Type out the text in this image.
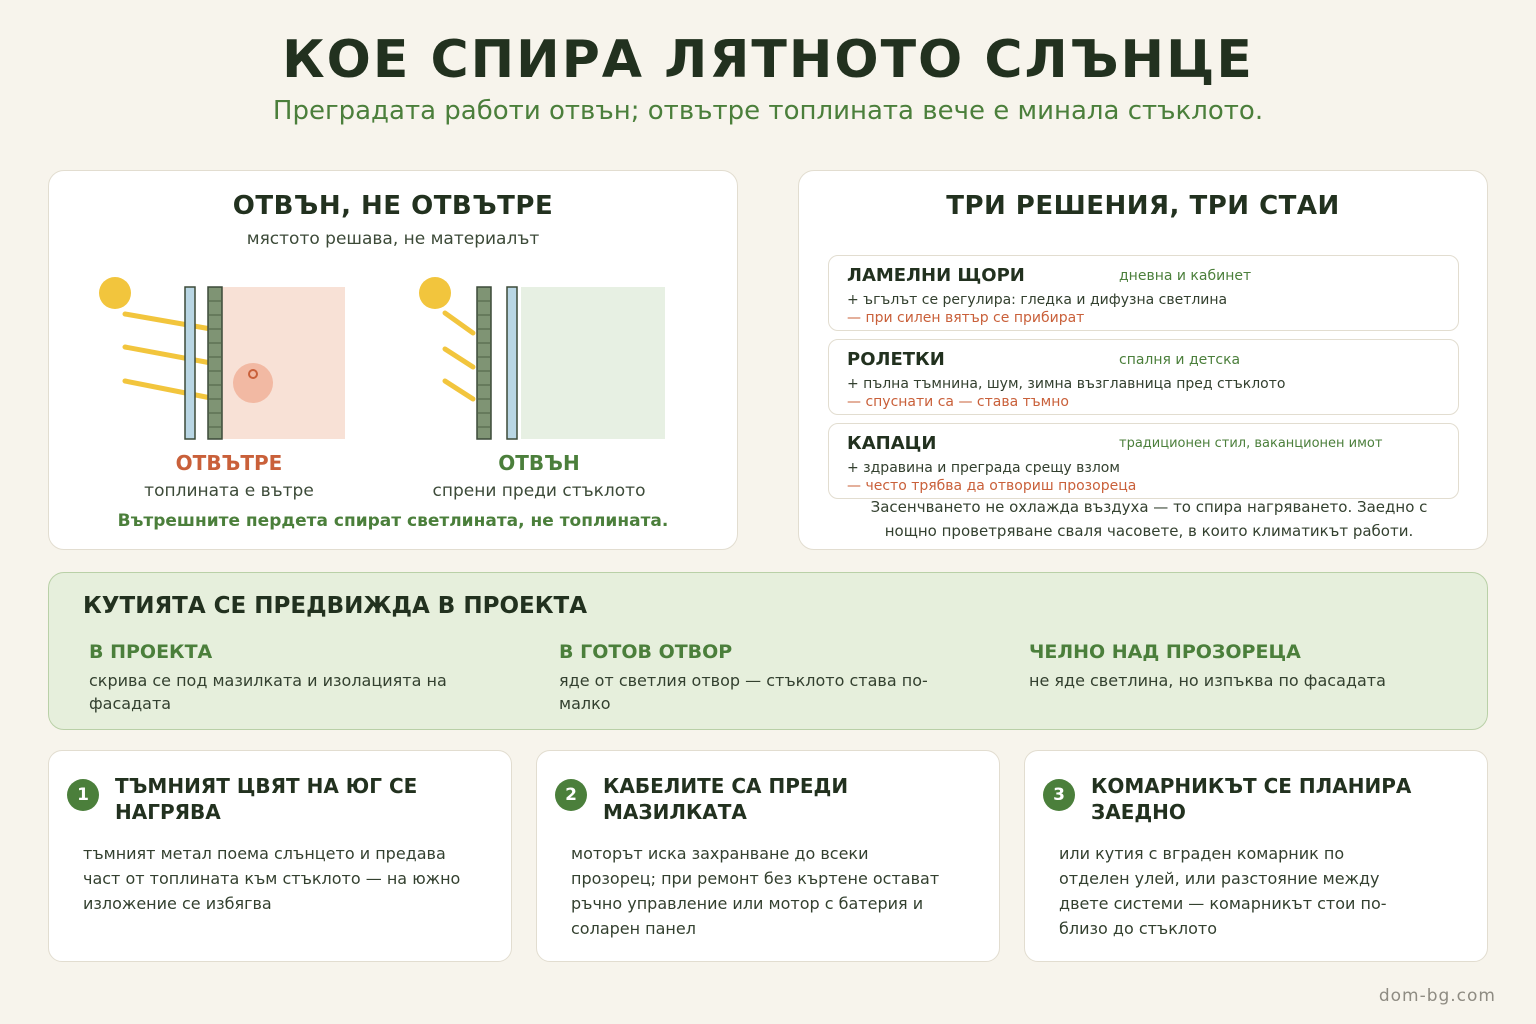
КОЕ СПИРА ЛЯТНОТО СЛЪНЦЕ
Преградата работи отвън; отвътре топлината вече е минала стъклото.
ОТВЪН, НЕ ОТВЪТРЕ
мястото решава, не материалът
ОТВЪТРЕ
топлината е вътре
ОТВЪН
спрени преди стъклото
Вътрешните пердета спират светлината, не топлината.
ТРИ РЕШЕНИЯ, ТРИ СТАИ
ЛАМЕЛНИ ЩОРИ	дневна и кабинет
+ ъгълът се регулира: гледка и дифузна светлина
— при силен вятър се прибират
РОЛЕТКИ	спалня и детска
+ пълна тъмнина, шум, зимна възглавница пред стъклото
— спуснати са — става тъмно
КАПАЦИ	традиционен стил, ваканционен имот
+ здравина и преграда срещу взлом
— често трябва да отвориш прозореца
Засенчването не охлажда въздуха — то спира нагряването. Заедно с нощно проветряване сваля часовете, в които климатикът работи.
КУТИЯТА СЕ ПРЕДВИЖДА В ПРОЕКТА
В ПРОЕКТА
скрива се под мазилката и изолацията на фасадата
В ГОТОВ ОТВОР
яде от светлия отвор — стъклото става по-малко
ЧЕЛНО НАД ПРОЗОРЕЦА
не яде светлина, но изпъква по фасадата
1	ТЪМНИЯТ ЦВЯТ НА ЮГ СЕ НАГРЯВА
тъмният метал поема слънцето и предава част от топлината към стъклото — на южно изложение се избягва
2	КАБЕЛИТЕ СА ПРЕДИ МАЗИЛКАТА
моторът иска захранване до всеки прозорец; при ремонт без къртене остават ръчно управление или мотор с батерия и соларен панел
3	КОМАРНИКЪТ СЕ ПЛАНИРА ЗАЕДНО
или кутия с вграден комарник по отделен улей, или разстояние между двете системи — комарникът стои по-близо до стъклото
dom-bg.com
